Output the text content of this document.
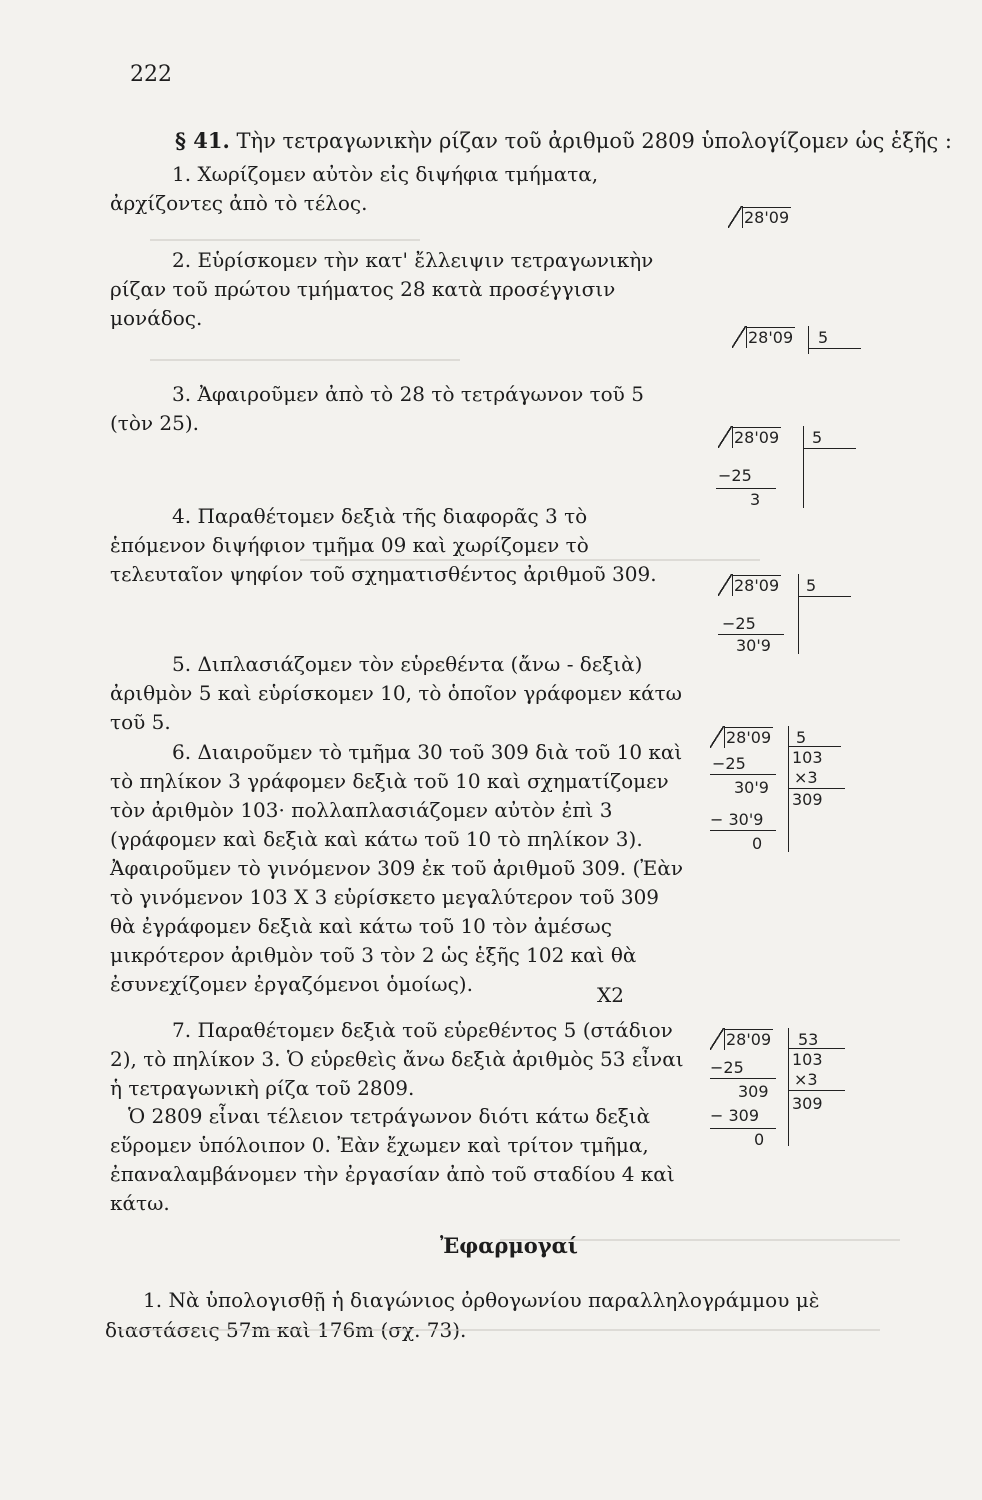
222
§ 41. Τὴν τετραγωνικὴν ρίζαν τοῦ ἀριθμοῦ 2809 ὑπολογίζομεν ὡς ἑξῆς :

1. Χωρίζομεν αὐτὸν εἰς διψήφια τμήματα, ἀρχίζοντες ἀπὸ τὸ τέλος.

2. Εὑρίσκομεν τὴν κατ' ἔλλειψιν τετραγωνικὴν ρίζαν τοῦ πρώτου τμήματος 28 κατὰ προσέγγισιν μονάδος.

3. Ἀφαιροῦμεν ἀπὸ τὸ 28 τὸ τετράγωνον τοῦ 5 (τὸν 25).

4. Παραθέτομεν δεξιὰ τῆς διαφορᾶς 3 τὸ ἑπόμενον διψήφιον τμῆμα 09 καὶ χωρίζομεν τὸ τελευταῖον ψηφίον τοῦ σχηματισθέντος ἀριθμοῦ 309.

5. Διπλασιάζομεν τὸν εὑρεθέντα (ἄνω - δεξιὰ) ἀριθμὸν 5 καὶ εὑρίσκομεν 10, τὸ ὁποῖον γράφομεν κάτω τοῦ 5.

6. Διαιροῦμεν τὸ τμῆμα 30 τοῦ 309 διὰ τοῦ 10 καὶ τὸ πηλίκον 3 γράφομεν δεξιὰ τοῦ 10 καὶ σχηματίζομεν τὸν ἀριθμὸν 103· πολλαπλασιάζομεν αὐτὸν ἐπὶ 3 (γράφομεν καὶ δεξιὰ καὶ κάτω τοῦ 10 τὸ πηλίκον 3). Ἀφαιροῦμεν τὸ γινόμενον 309 ἐκ τοῦ ἀριθμοῦ 309. (Ἐὰν τὸ γινόμενον 103 X 3 εὑρίσκετο μεγαλύτερον τοῦ 309 θὰ ἐγράφομεν δεξιὰ καὶ κάτω τοῦ 10 τὸν ἀμέσως μικρότερον ἀριθμὸν τοῦ 3 τὸν 2 ὡς ἑξῆς 102 καὶ θὰ ἐσυνεχίζομεν ἐργαζόμενοι ὁμοίως).	X2

7. Παραθέτομεν δεξιὰ τοῦ εὑρεθέντος 5 (στάδιον 2), τὸ πηλίκον 3. Ὁ εὑρεθεὶς ἄνω δεξιὰ ἀριθμὸς 53 εἶναι ἡ τετραγωνικὴ ρίζα τοῦ 2809.

Ὁ 2809 εἶναι τέλειον τετράγωνον διότι κάτω δεξιὰ εὕρομεν ὑπόλοιπον 0. Ἐὰν ἔχωμεν καὶ τρίτον τμῆμα, ἐπαναλαμβάνομεν τὴν ἐργασίαν ἀπὸ τοῦ σταδίου 4 καὶ κάτω.

28'09
28'09 5
28'09 5
−25
3
28'09 5
−25
30'9
28'09 5
103
×3
309
−25
30'9
− 30'9
0
28'09 53
103
×3
309
−25
309
− 309
0
Ἐφαρμογαί

1. Νὰ ὑπολογισθῇ ἡ διαγώνιος ὀρθογωνίου παραλληλογράμμου μὲ διαστάσεις 57m καὶ 176m (σχ. 73).
